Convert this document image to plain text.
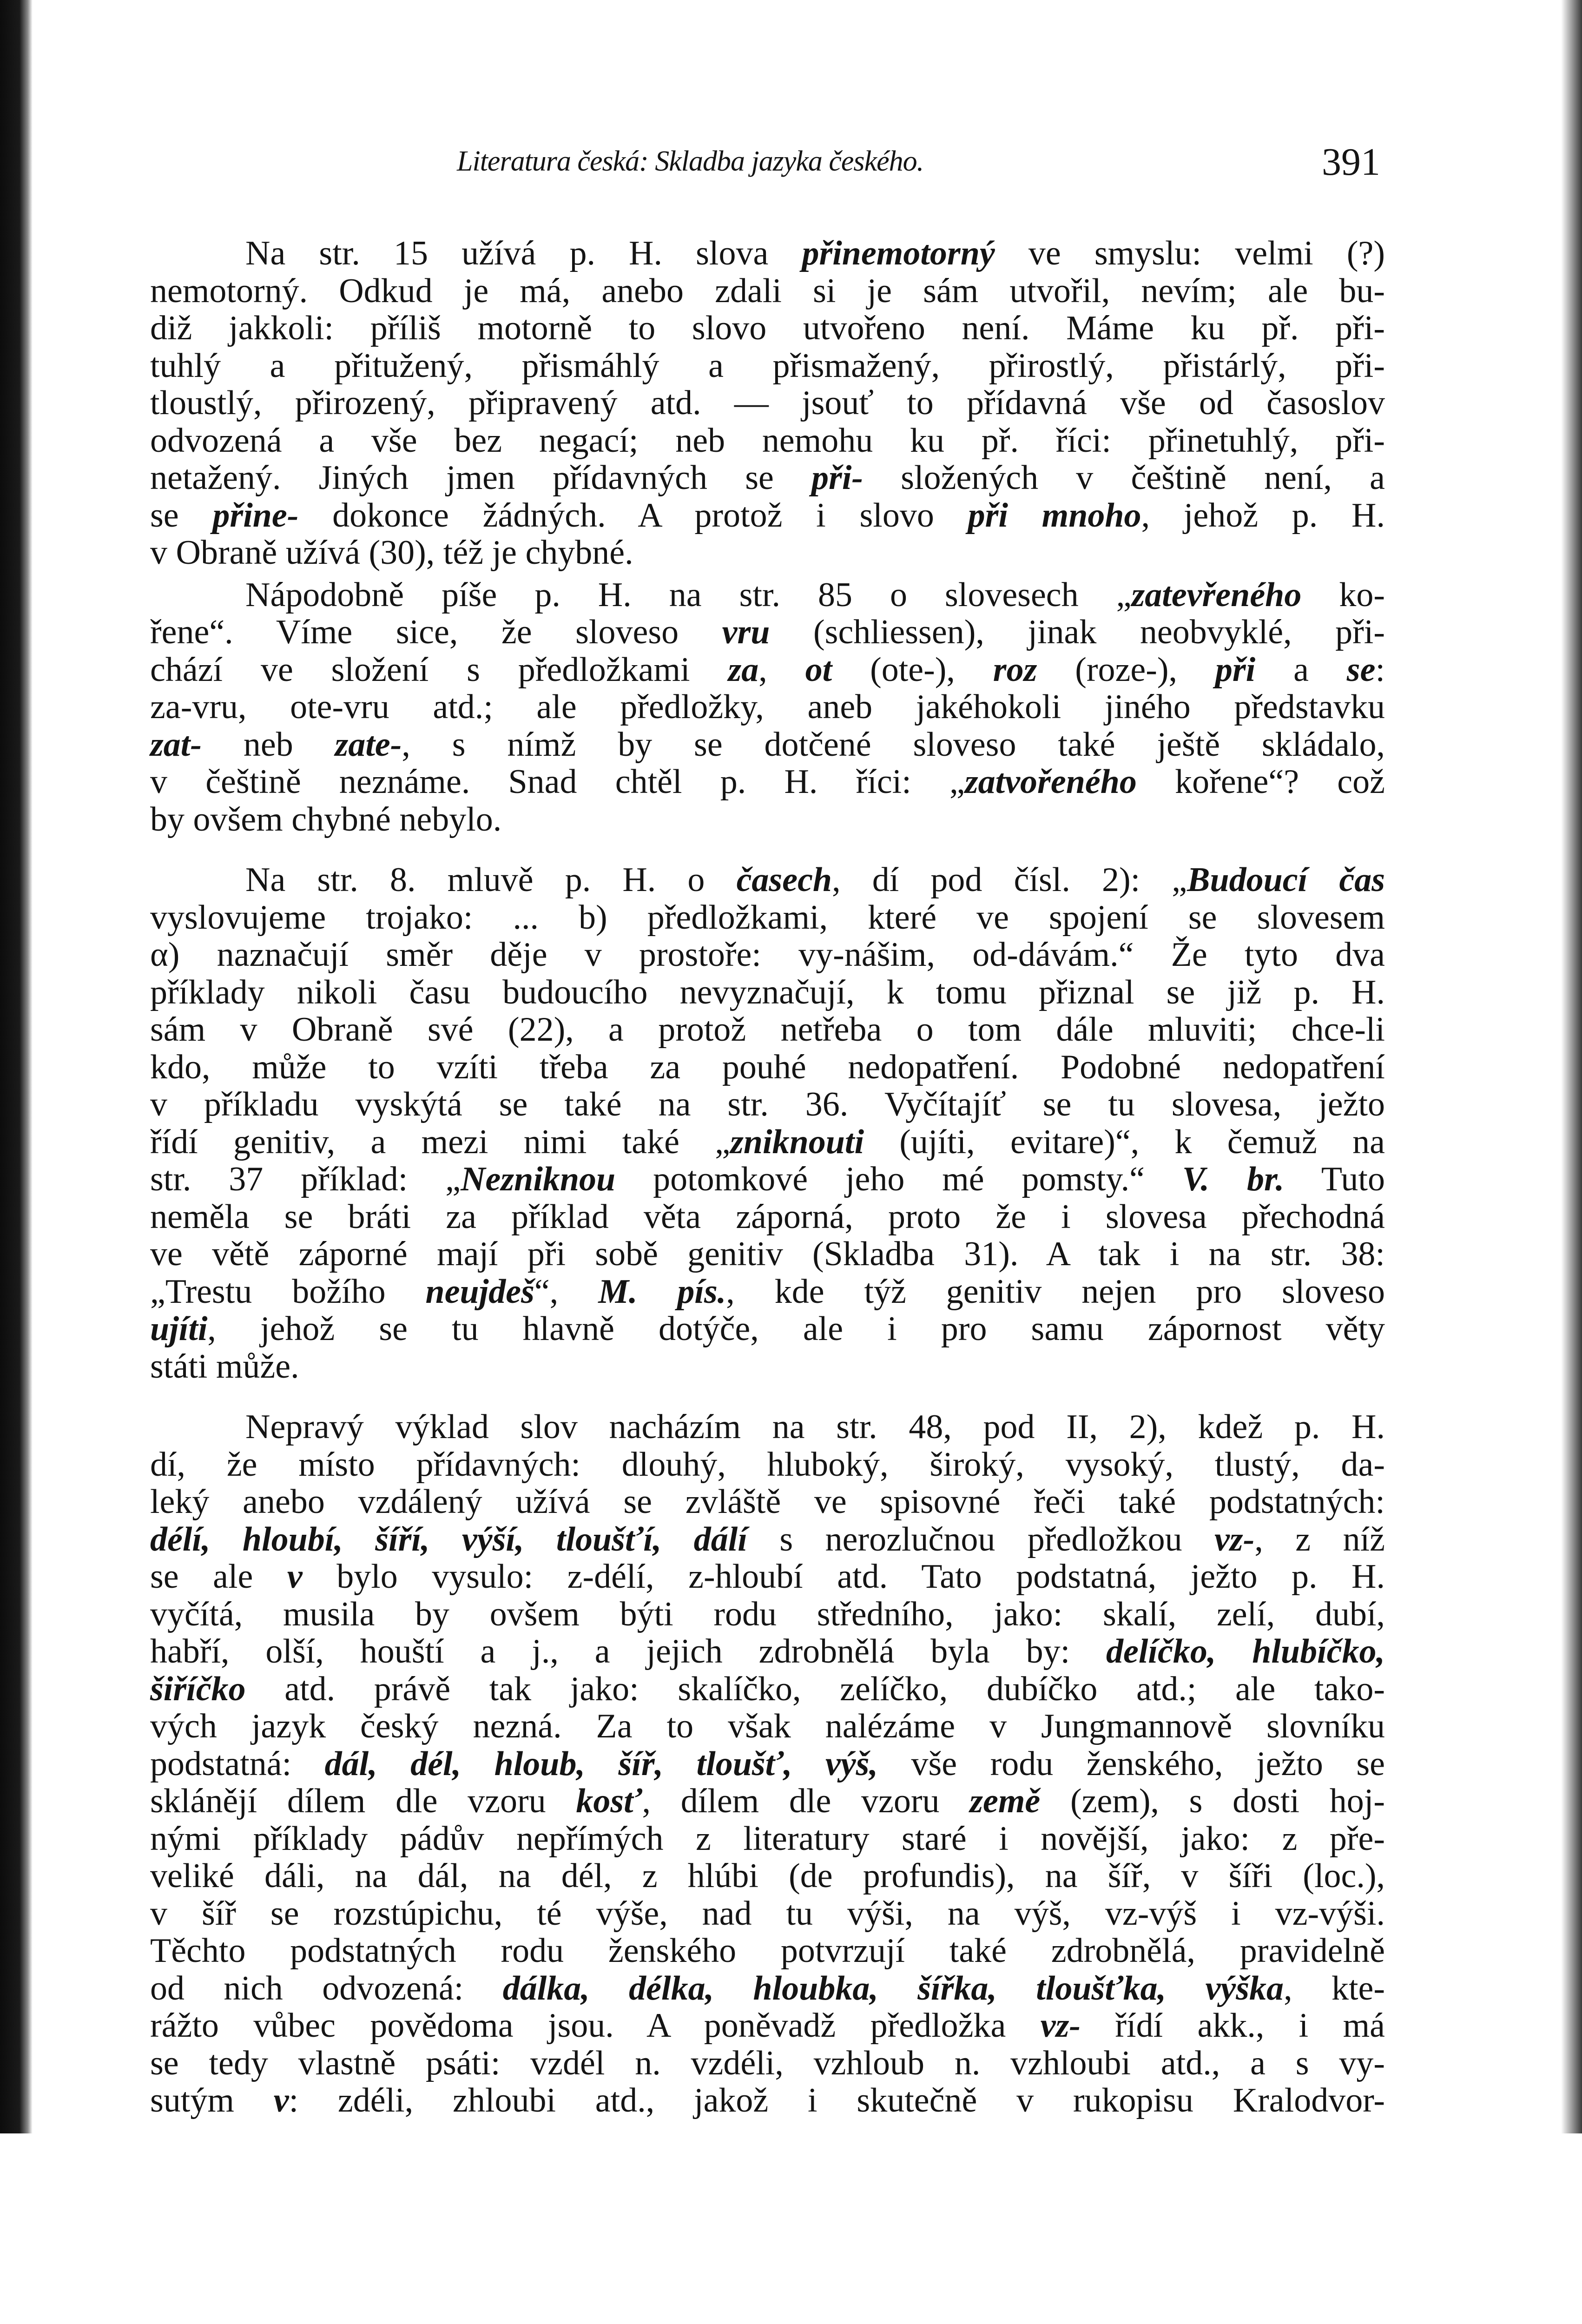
Literatura česká: Skladba jazyka českého.	391
Na str. 15 užívá p. H. slova přinemotorný ve smyslu: velmi (?)
nemotorný. Odkud je má, anebo zdali si je sám utvořil, nevím; ale bu-
diž jakkoli: příliš motorně to slovo utvořeno není. Máme ku př. při-
tuhlý a přitužený, přismáhlý a přismažený, přirostlý, přistárlý, při-
tloustlý, přirozený, připravený atd. — jsouť to přídavná vše od časoslov
odvozená a vše bez negací; neb nemohu ku př. říci: přinetuhlý, při-
netažený. Jiných jmen přídavných se při- složených v češtině není, a
se přine- dokonce žádných. A protož i slovo při mnoho, jehož p. H.
v Obraně užívá (30), též je chybné.
Nápodobně píše p. H. na str. 85 o slovesech „zatevřeného ko-
řene“. Víme sice, že sloveso vru (schliessen), jinak neobvyklé, při-
chází ve složení s předložkami za, ot (ote-), roz (roze-), při a se:
za-vru, ote-vru atd.; ale předložky, aneb jakéhokoli jiného představku
zat- neb zate-, s nímž by se dotčené sloveso také ještě skládalo,
v češtině neznáme. Snad chtěl p. H. říci: „zatvořeného kořene“? což
by ovšem chybné nebylo.
Na str. 8. mluvě p. H. o časech, dí pod čísl. 2): „Budoucí čas
vyslovujeme trojako: ... b) předložkami, které ve spojení se slovesem
α) naznačují směr děje v prostoře: vy-nášim, od-dávám.“ Že tyto dva
příklady nikoli času budoucího nevyznačují, k tomu přiznal se již p. H.
sám v Obraně své (22), a protož netřeba o tom dále mluviti; chce-li
kdo, může to vzíti třeba za pouhé nedopatření. Podobné nedopatření
v příkladu vyskýtá se také na str. 36. Vyčítajíť se tu slovesa, ježto
řídí genitiv, a mezi nimi také „zniknouti (ujíti, evitare)“, k čemuž na
str. 37 příklad: „Nezniknou potomkové jeho mé pomsty.“ V. br. Tuto
neměla se bráti za příklad věta záporná, proto že i slovesa přechodná
ve větě záporné mají při sobě genitiv (Skladba 31). A tak i na str. 38:
„Trestu božího neujdeš“, M. pís., kde týž genitiv nejen pro sloveso
ujíti, jehož se tu hlavně dotýče, ale i pro samu zápornost věty
státi může.
Nepravý výklad slov nacházím na str. 48, pod II, 2), kdež p. H.
dí, že místo přídavných: dlouhý, hluboký, široký, vysoký, tlustý, da-
leký anebo vzdálený užívá se zvláště ve spisovné řeči také podstatných:
délí, hloubí, šíří, výší, tloušťí, dálí s nerozlučnou předložkou vz-, z níž
se ale v bylo vysulo: z-délí, z-hloubí atd. Tato podstatná, ježto p. H.
vyčítá, musila by ovšem býti rodu středního, jako: skalí, zelí, dubí,
habří, olší, houští a j., a jejich zdrobnělá byla by: delíčko, hlubíčko,
šiříčko atd. právě tak jako: skalíčko, zelíčko, dubíčko atd.; ale tako-
vých jazyk český nezná. Za to však nalézáme v Jungmannově slovníku
podstatná: dál, dél, hloub, šíř, tloušť, výš, vše rodu ženského, ježto se
sklánějí dílem dle vzoru kosť, dílem dle vzoru země (zem), s dosti hoj-
nými příklady pádův nepřímých z literatury staré i novější, jako: z pře-
veliké dáli, na dál, na dél, z hlúbi (de profundis), na šíř, v šíři (loc.),
v šíř se rozstúpichu, té výše, nad tu výši, na výš, vz-výš i vz-výši.
Těchto podstatných rodu ženského potvrzují také zdrobnělá, pravidelně
od nich odvozená: dálka, délka, hloubka, šířka, tloušťka, výška, kte-
rážto vůbec povědoma jsou. A poněvadž předložka vz- řídí akk., i má
se tedy vlastně psáti: vzdél n. vzdéli, vzhloub n. vzhloubi atd., a s vy-
sutým v: zdéli, zhloubi atd., jakož i skutečně v rukopisu Kralodvor-
